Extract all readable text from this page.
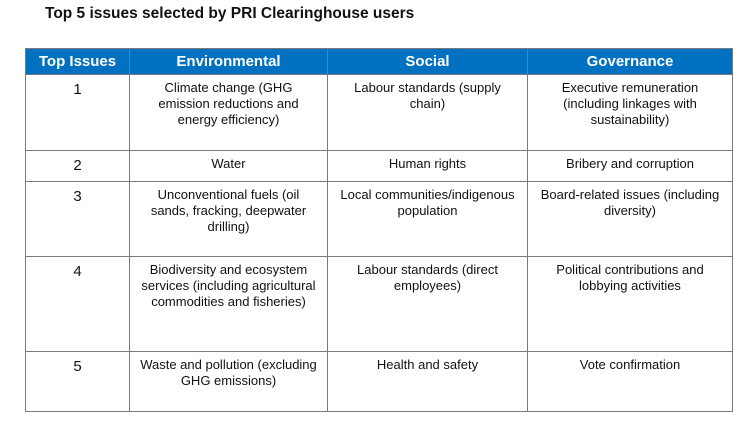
Top 5 issues selected by PRI Clearinghouse users
Top Issues	Environmental	Social	Governance

1	Climate change (GHG emission reductions and energy efficiency)	Labour standards (supply chain)	Executive remuneration (including linkages with sustainability)

2	Water	Human rights	Bribery and corruption

3	Unconventional fuels (oil sands, fracking, deepwater drilling)	Local communities/indigenous population	Board-related issues (including diversity)

4	Biodiversity and ecosystem services (including agricultural commodities and fisheries)	Labour standards (direct employees)	Political contributions and lobbying activities

5	Waste and pollution (excluding GHG emissions)	Health and safety	Vote confirmation
